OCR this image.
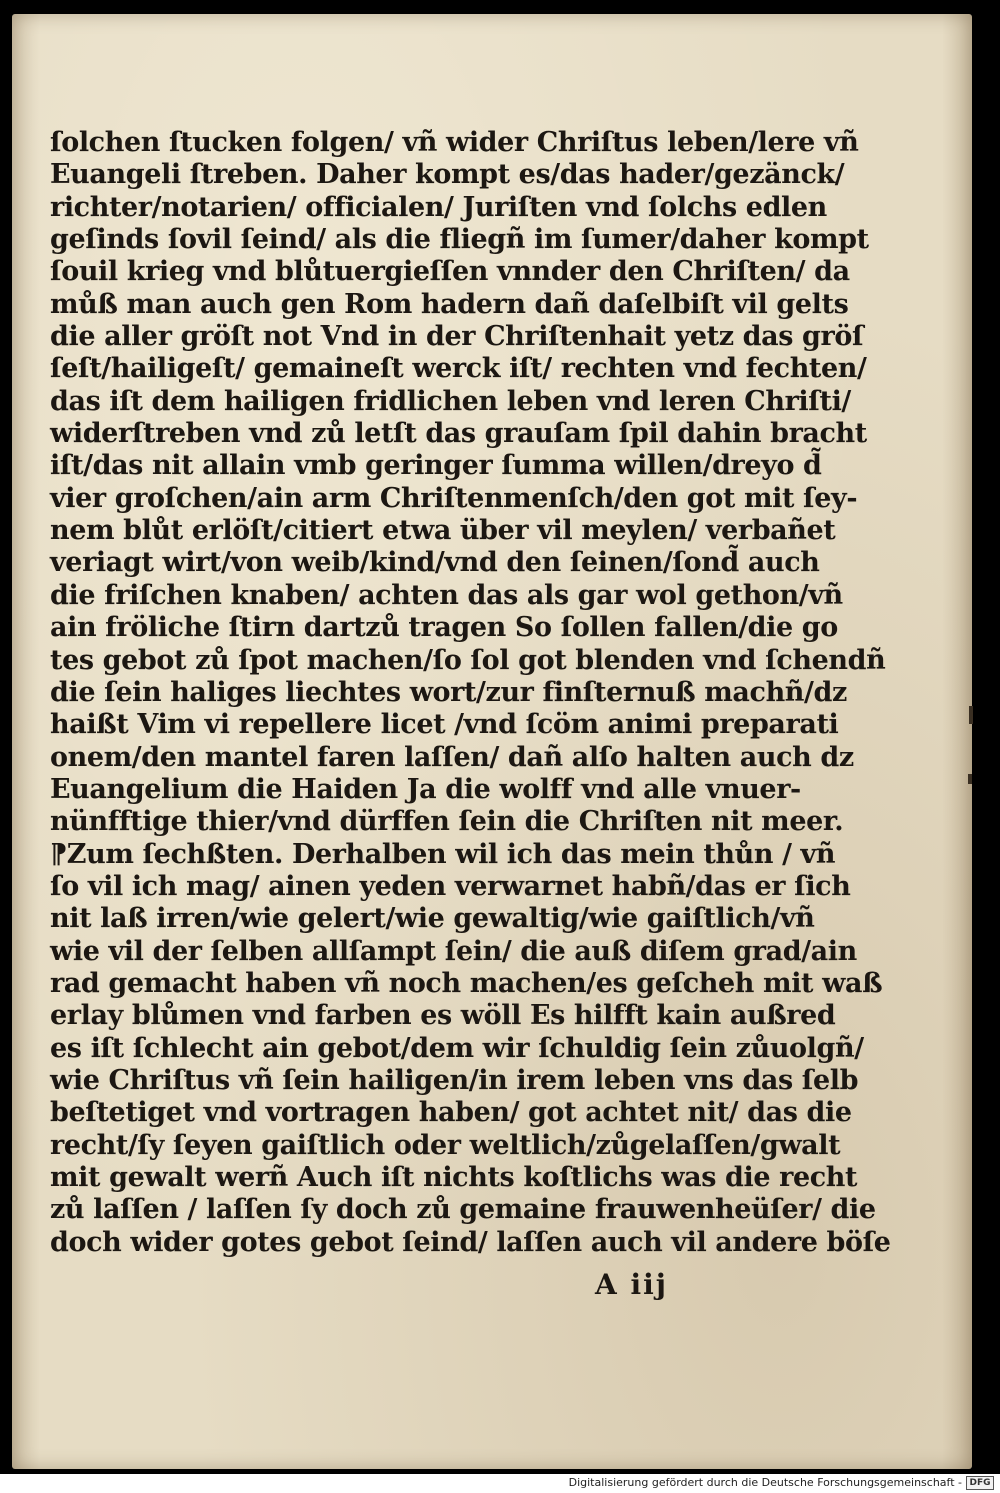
ſolchen ſtucken folgen/ vñ wider Chriſtus leben/lere vñ
Euangeli ſtreben. Daher kompt es/das hader/gezänck/
richter/notarien/ officialen/ Juriſten vnd ſolchs edlen
geſinds ſovil ſeind/ als die fliegñ im ſumer/daher kompt
ſouil krieg vnd blůtuergieſſen vnnder den Chriſten/ da
můß man auch gen Rom hadern dañ daſelbiſt vil gelts
die aller gröſt not Vnd in der Chriſtenhait yetz das gröſ
ſeſt/hailigeſt/ gemaineſt werck iſt/ rechten vnd fechten/
das iſt dem hailigen fridlichen leben vnd leren Chriſti/
widerſtreben vnd zů letſt das grauſam ſpil dahin bracht
iſt/das nit allain vmb geringer ſumma willen/dreyo d̃
vier groſchen/ain arm Chriſtenmenſch/den got mit ſey-
nem blůt erlöſt/citiert etwa über vil meylen/ verbañet
veriagt wirt/von weib/kind/vnd den ſeinen/ſond̃ auch
die friſchen knaben/ achten das als gar wol gethon/vñ
ain fröliche ſtirn dartzů tragen So ſollen fallen/die go
tes gebot zů ſpot machen/ſo ſol got blenden vnd ſchendñ
die ſein haliges liechtes wort/zur finſternuß machñ/dz
haißt Vim vi repellere licet /vnd ſcöm animi preparati
onem/den mantel faren laſſen/ dañ alſo halten auch dz
Euangelium die Haiden Ja die wolff vnd alle vnuer-
nünfftige thier/vnd dürffen ſein die Chriſten nit meer.
⁋Zum ſechßten. Derhalben wil ich das mein thůn / vñ
ſo vil ich mag/ ainen yeden verwarnet habñ/das er ſich
nit laß irren/wie gelert/wie gewaltig/wie gaiſtlich/vñ
wie vil der ſelben allſampt ſein/ die auß diſem grad/ain
rad gemacht haben vñ noch machen/es geſcheh mit waß
erlay blůmen vnd farben es wöll Es hilfft kain außred
es iſt ſchlecht ain gebot/dem wir ſchuldig ſein zůuolgñ/
wie Chriſtus vñ ſein hailigen/in irem leben vns das ſelb
beſtetiget vnd vortragen haben/ got achtet nit/ das die
recht/ſy ſeyen gaiſtlich oder weltlich/zůgelaſſen/gwalt
mit gewalt werñ Auch iſt nichts koſtlichs was die recht
zů laſſen / laſſen ſy doch zů gemaine frauwenheüſer/ die
doch wider gotes gebot ſeind/ laſſen auch vil andere böſe
A iij
Digitalisierung gefördert durch die Deutsche Forschungsgemeinschaft - DFG
